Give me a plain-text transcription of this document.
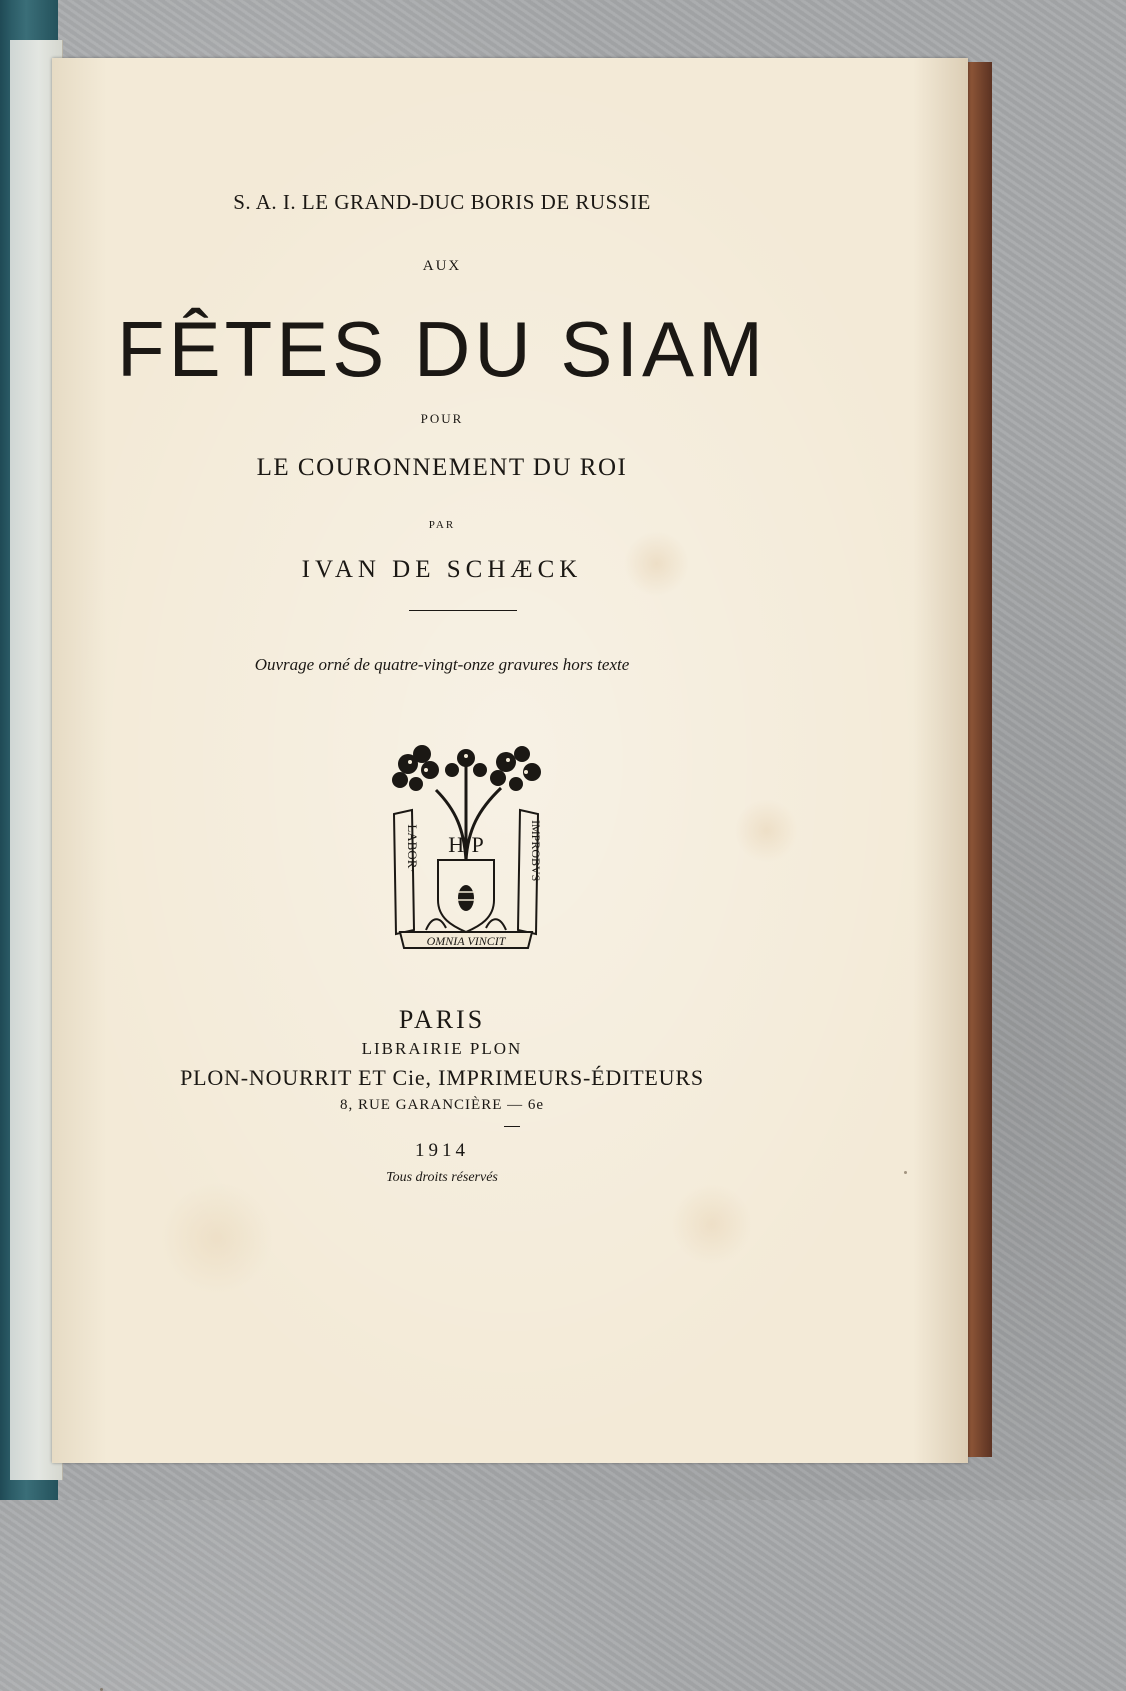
S. A. I. LE GRAND-DUC BORIS DE RUSSIE
AUX
FÊTES DU SIAM
POUR
LE COURONNEMENT DU ROI
PAR
IVAN DE SCHÆCK
Ouvrage orné de quatre-vingt-onze gravures hors texte
·LABOR·	IMPROBVS
H·P
OMNIA VINCIT
PARIS
LIBRAIRIE PLON
PLON-NOURRIT ET Cie, IMPRIMEURS-ÉDITEURS
8, RUE GARANCIÈRE — 6e
1914
Tous droits réservés
